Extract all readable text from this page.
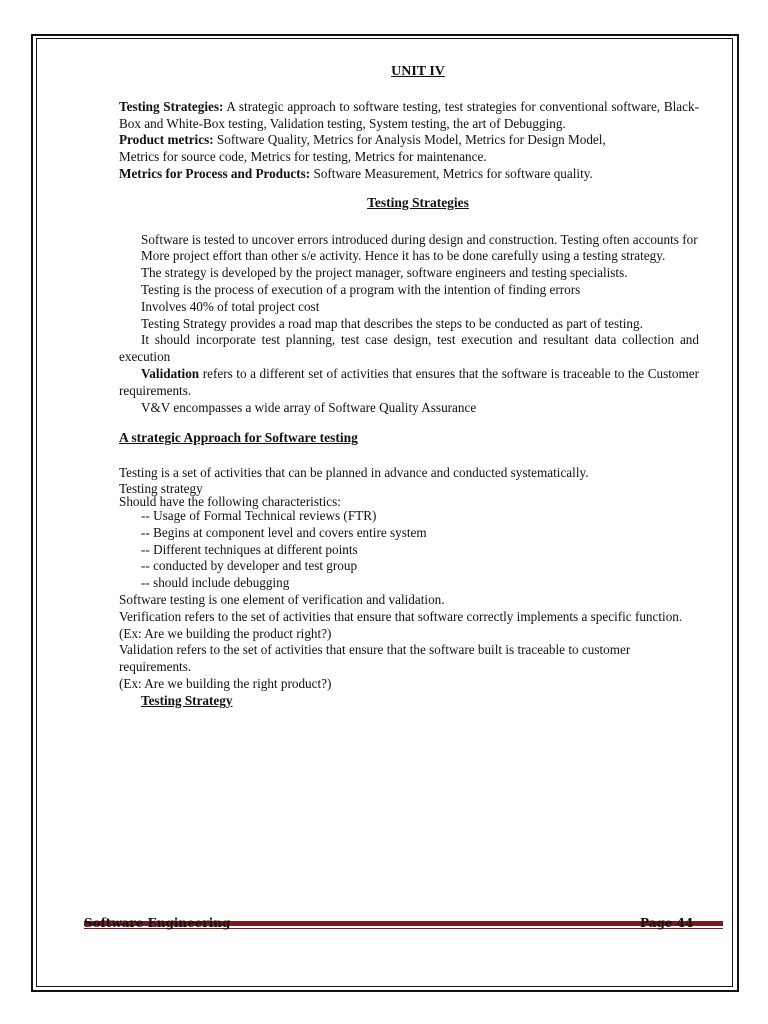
UNIT IV

Testing Strategies: A strategic approach to software testing, test strategies for conventional software, Black-Box and White-Box testing, Validation testing, System testing, the art of Debugging.

Product metrics: Software Quality, Metrics for Analysis Model, Metrics for Design Model,

Metrics for source code, Metrics for testing, Metrics for maintenance.

Metrics for Process and Products: Software Measurement, Metrics for software quality.

Testing Strategies

Software is tested to uncover errors introduced during design and construction. Testing often accounts for

More project effort than other s/e activity. Hence it has to be done carefully using a testing strategy.

The strategy is developed by the project manager, software engineers and testing specialists.

Testing is the process of execution of a program with the intention of finding errors

Involves 40% of total project cost

Testing Strategy provides a road map that describes the steps to be conducted as part of testing.

It should incorporate test planning, test case design, test execution and resultant data collection and execution

Validation refers to a different set of activities that ensures that the software is traceable to the Customer requirements.

V&V encompasses a wide array of Software Quality Assurance

A strategic Approach for Software testing

Testing is a set of activities that can be planned in advance and conducted systematically.

Testing strategy

Should have the following characteristics:

-- Usage of Formal Technical reviews (FTR)

-- Begins at component level and covers entire system

-- Different techniques at different points

-- conducted by developer and test group

-- should include debugging

Software testing is one element of verification and validation.

Verification refers to the set of activities that ensure that software correctly implements a specific function.

(Ex: Are we building the product right?)

Validation refers to the set of activities that ensure that the software built is traceable to customer requirements.

(Ex: Are we building the right product?)

Testing Strategy

Software Engineering	Page 44
